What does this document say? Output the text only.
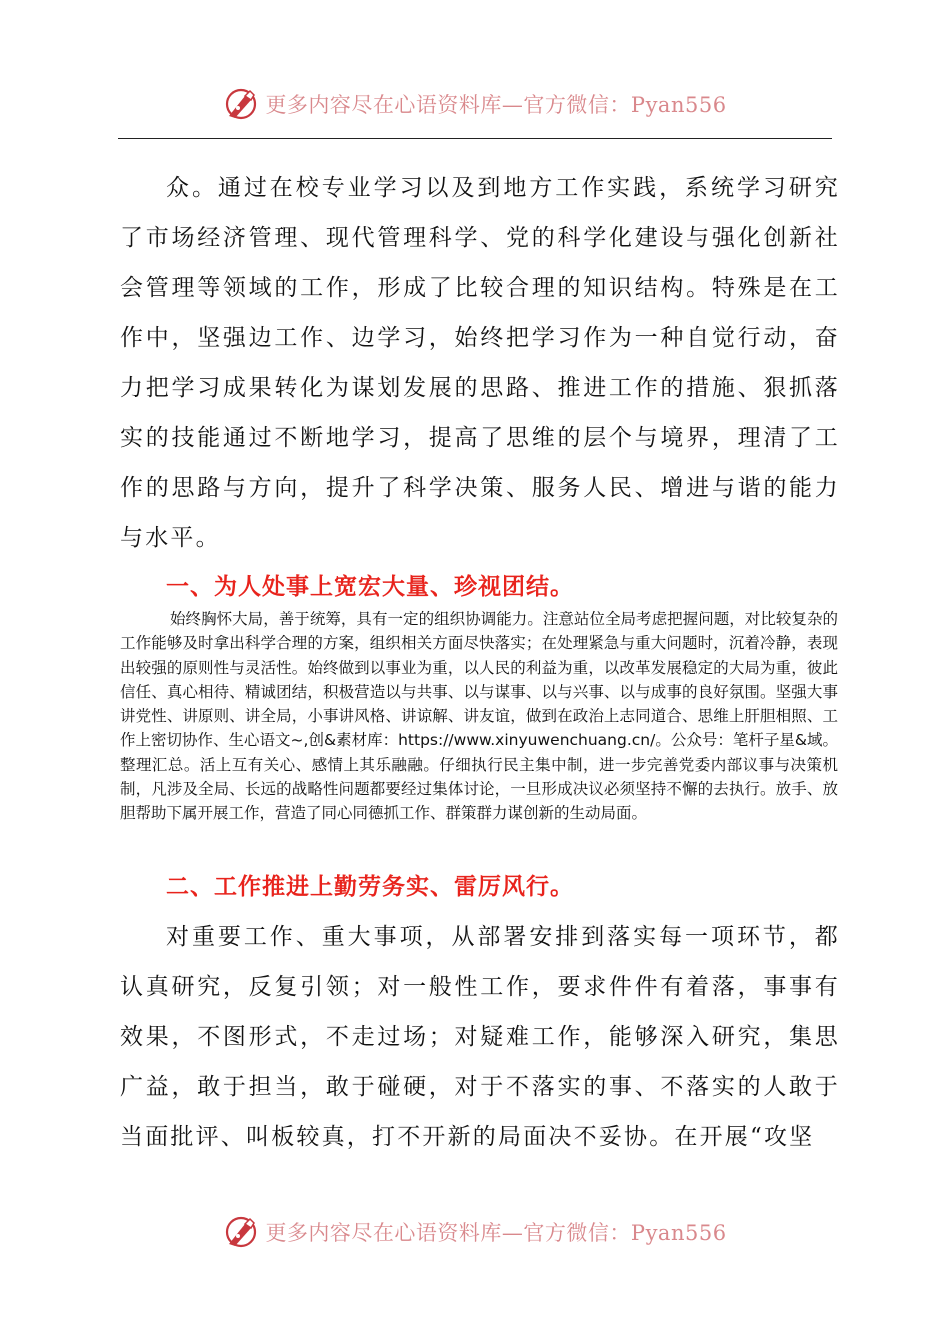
更多内容尽在心语资料库—官方微信：Pyan556

众。通过在校专业学习以及到地方工作实践，系统学习研究了市场经济管理、现代管理科学、党的科学化建设与强化创新社会管理等领域的工作，形成了比较合理的知识结构。特殊是在工作中，坚强边工作、边学习，始终把学习作为一种自觉行动，奋力把学习成果转化为谋划发展的思路、推进工作的措施、狠抓落实的技能通过不断地学习，提高了思维的层个与境界，理清了工作的思路与方向，提升了科学决策、服务人民、增进与谐的能力与水平。

一、为人处事上宽宏大量、珍视团结。

始终胸怀大局，善于统筹，具有一定的组织协调能力。注意站位全局考虑把握问题，对比较复杂的工作能够及时拿出科学合理的方案，组织相关方面尽快落实；在处理紧急与重大问题时，沉着冷静，表现出较强的原则性与灵活性。始终做到以事业为重，以人民的利益为重，以改革发展稳定的大局为重，彼此信任、真心相待、精诚团结，积极营造以与共事、以与谋事、以与兴事、以与成事的良好氛围。坚强大事讲党性、讲原则、讲全局，小事讲风格、讲谅解、讲友谊，做到在政治上志同道合、思维上肝胆相照、工作上密切协作、生心语文~,创&素材库：https://www.xinyuwenchuang.cn/。公众号：笔杆子星&域。整理汇总。活上互有关心、感情上其乐融融。仔细执行民主集中制，进一步完善党委内部议事与决策机制，凡涉及全局、长远的战略性问题都要经过集体讨论，一旦形成决议必须坚持不懈的去执行。放手、放胆帮助下属开展工作，营造了同心同德抓工作、群策群力谋创新的生动局面。

二、工作推进上勤劳务实、雷厉风行。

对重要工作、重大事项，从部署安排到落实每一项环节，都认真研究，反复引领；对一般性工作，要求件件有着落，事事有效果，不图形式，不走过场；对疑难工作，能够深入研究，集思广益，敢于担当，敢于碰硬，对于不落实的事、不落实的人敢于当面批评、叫板较真，打不开新的局面决不妥协。在开展“攻坚

更多内容尽在心语资料库—官方微信：Pyan556
